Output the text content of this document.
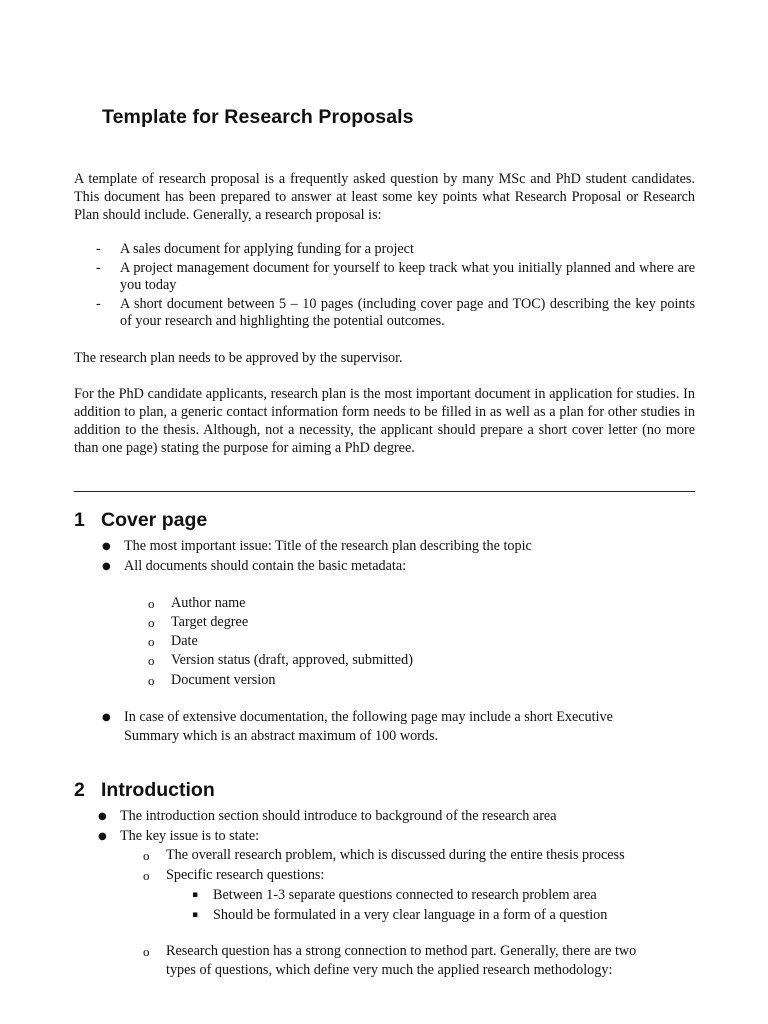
Template for Research Proposals

A template of research proposal is a frequently asked question by many MSc and PhD student candidates. This document has been prepared to answer at least some key points what Research Proposal or Research Plan should include. Generally, a research proposal is:

- A sales document for applying funding for a project
- A project management document for yourself to keep track what you initially planned and where are you today
- A short document between 5 – 10 pages (including cover page and TOC) describing the key points of your research and highlighting the potential outcomes.

The research plan needs to be approved by the supervisor.

For the PhD candidate applicants, research plan is the most important document in application for studies. In addition to plan, a generic contact information form needs to be filled in as well as a plan for other studies in addition to the thesis. Although, not a necessity, the applicant should prepare a short cover letter (no more than one page) stating the purpose for aiming a PhD degree.

1 Cover page
● The most important issue: Title of the research plan describing the topic
● All documents should contain the basic metadata:
o Author name
o Target degree
o Date
o Version status (draft, approved, submitted)
o Document version
● In case of extensive documentation, the following page may include a short Executive
Summary which is an abstract maximum of 100 words.
2 Introduction
● The introduction section should introduce to background of the research area
● The key issue is to state:
o The overall research problem, which is discussed during the entire thesis process
o Specific research questions:
▪ Between 1-3 separate questions connected to research problem area
▪ Should be formulated in a very clear language in a form of a question
o Research question has a strong connection to method part. Generally, there are two
types of questions, which define very much the applied research methodology:
